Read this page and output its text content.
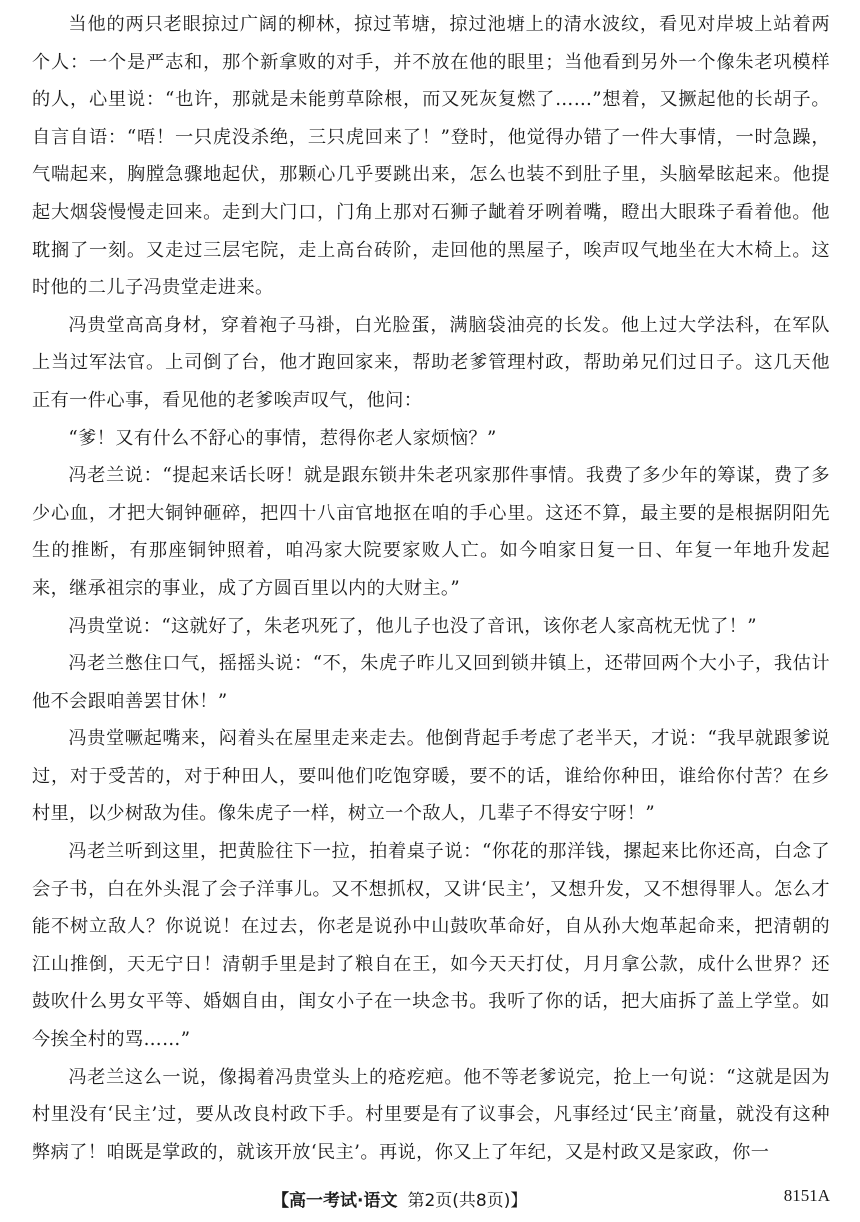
当他的两只老眼掠过广阔的柳林，掠过苇塘，掠过池塘上的清水波纹，看见对岸坡上站着两个人：一个是严志和，那个新拿败的对手，并不放在他的眼里；当他看到另外一个像朱老巩模样的人，心里说：“也许，那就是未能剪草除根，而又死灰复燃了……”想着，又撅起他的长胡子。自言自语：“唔！一只虎没杀绝，三只虎回来了！”登时，他觉得办错了一件大事情，一时急躁，气喘起来，胸膛急骤地起伏，那颗心几乎要跳出来，怎么也装不到肚子里，头脑晕眩起来。他提起大烟袋慢慢走回来。走到大门口，门角上那对石狮子龇着牙咧着嘴，瞪出大眼珠子看着他。他耽搁了一刻。又走过三层宅院，走上高台砖阶，走回他的黑屋子，唉声叹气地坐在大木椅上。这时他的二儿子冯贵堂走进来。

冯贵堂高高身材，穿着袍子马褂，白光脸蛋，满脑袋油亮的长发。他上过大学法科，在军队上当过军法官。上司倒了台，他才跑回家来，帮助老爹管理村政，帮助弟兄们过日子。这几天他正有一件心事，看见他的老爹唉声叹气，他问：

“爹！又有什么不舒心的事情，惹得你老人家烦恼？”

冯老兰说：“提起来话长呀！就是跟东锁井朱老巩家那件事情。我费了多少年的筹谋，费了多少心血，才把大铜钟砸碎，把四十八亩官地抠在咱的手心里。这还不算，最主要的是根据阴阳先生的推断，有那座铜钟照着，咱冯家大院要家败人亡。如今咱家日复一日、年复一年地升发起来，继承祖宗的事业，成了方圆百里以内的大财主。”

冯贵堂说：“这就好了，朱老巩死了，他儿子也没了音讯，该你老人家高枕无忧了！”

冯老兰憋住口气，摇摇头说：“不，朱虎子昨儿又回到锁井镇上，还带回两个大小子，我估计他不会跟咱善罢甘休！”

冯贵堂噘起嘴来，闷着头在屋里走来走去。他倒背起手考虑了老半天，才说：“我早就跟爹说过，对于受苦的，对于种田人，要叫他们吃饱穿暖，要不的话，谁给你种田，谁给你付苦？在乡村里，以少树敌为佳。像朱虎子一样，树立一个敌人，几辈子不得安宁呀！”

冯老兰听到这里，把黄脸往下一拉，拍着桌子说：“你花的那洋钱，摞起来比你还高，白念了会子书，白在外头混了会子洋事儿。又不想抓权，又讲‘民主’，又想升发，又不想得罪人。怎么才能不树立敌人？你说说！在过去，你老是说孙中山鼓吹革命好，自从孙大炮革起命来，把清朝的江山推倒，天无宁日！清朝手里是封了粮自在王，如今天天打仗，月月拿公款，成什么世界？还鼓吹什么男女平等、婚姻自由，闺女小子在一块念书。我听了你的话，把大庙拆了盖上学堂。如今挨全村的骂……”

冯老兰这么一说，像揭着冯贵堂头上的疮疙疤。他不等老爹说完，抢上一句说：“这就是因为村里没有‘民主’过，要从改良村政下手。村里要是有了议事会，凡事经过‘民主’商量，就没有这种弊病了！咱既是掌政的，就该开放‘民主’。再说，你又上了年纪，又是村政又是家政，你一

【高一考试·语文 第2页(共8页)】	8151A
